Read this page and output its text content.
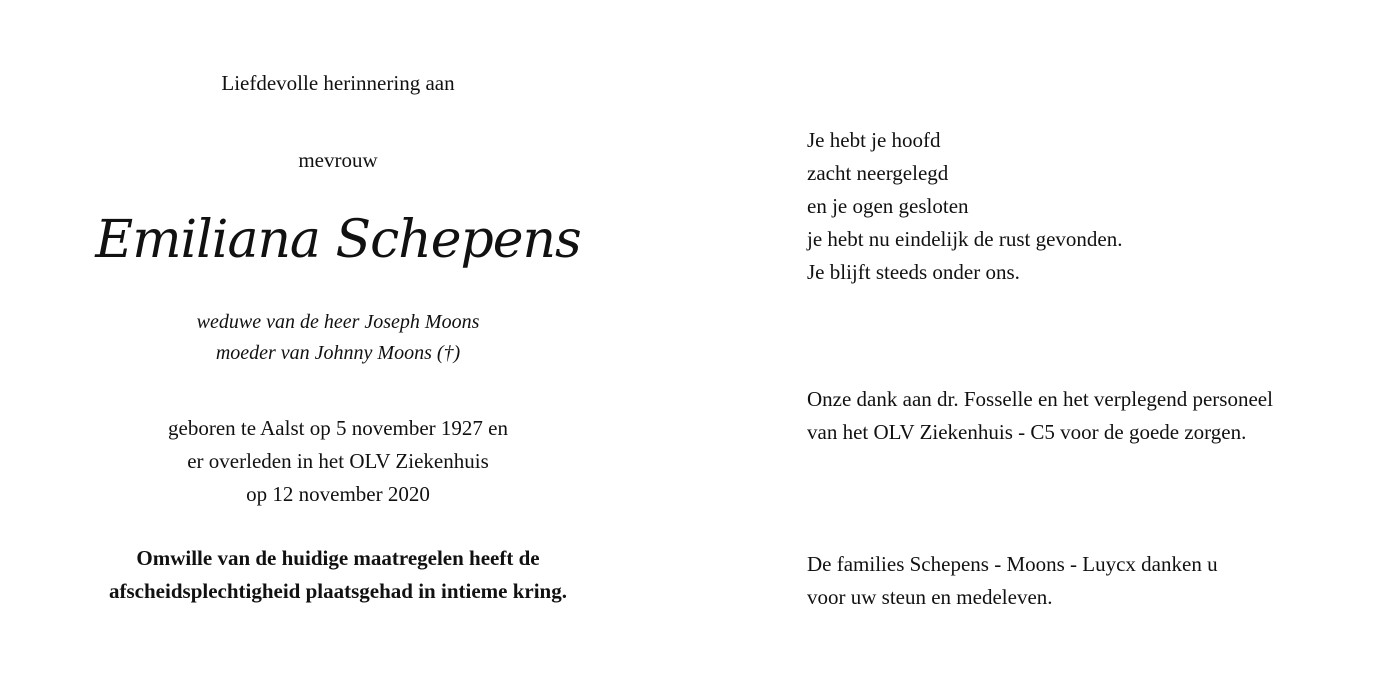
Liefdevolle herinnering aan
mevrouw
Emiliana Schepens
weduwe van de heer Joseph Moons
moeder van Johnny Moons (†)
geboren te Aalst op 5 november 1927 en
er overleden in het OLV Ziekenhuis
op 12 november 2020
Omwille van de huidige maatregelen heeft de
afscheidsplechtigheid plaatsgehad in intieme kring.
Je hebt je hoofd
zacht neergelegd
en je ogen gesloten
je hebt nu eindelijk de rust gevonden.
Je blijft steeds onder ons.
Onze dank aan dr. Fosselle en het verplegend personeel
van het OLV Ziekenhuis - C5 voor de goede zorgen.
De families Schepens - Moons - Luycx danken u
voor uw steun en medeleven.
